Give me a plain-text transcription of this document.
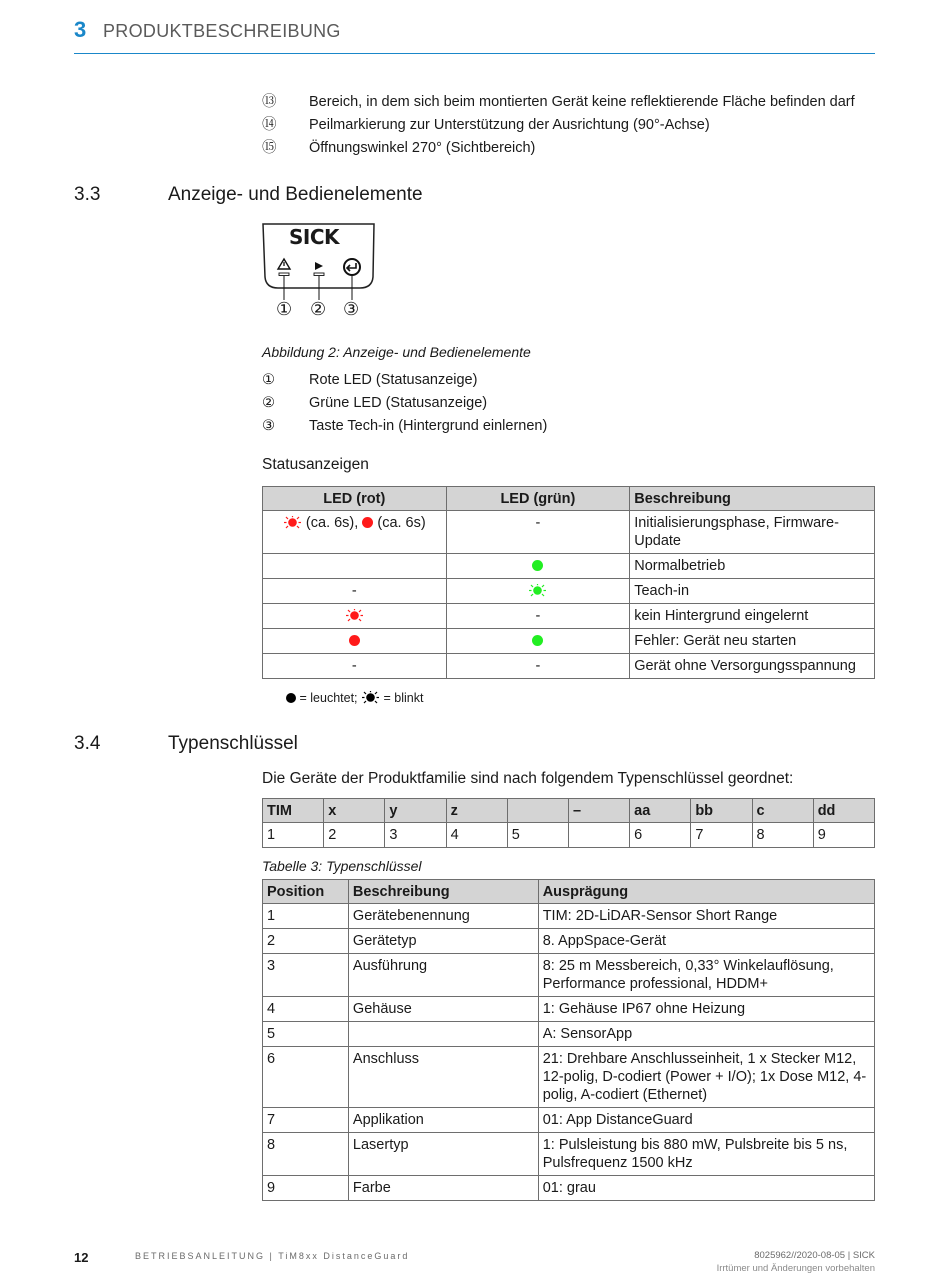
3 PRODUKTBESCHREIBUNG
⑬ Bereich, in dem sich beim montierten Gerät keine reflektierende Fläche befinden darf
⑭ Peilmarkierung zur Unterstützung der Ausrichtung (90°-Achse)
⑮ Öffnungswinkel 270° (Sichtbereich)
3.3	Anzeige- und Bedienelemente
SICK
① ② ③
Abbildung 2: Anzeige- und Bedienelemente
① Rote LED (Statusanzeige)
② Grüne LED (Statusanzeige)
③ Taste Tech-in (Hintergrund einlernen)
Statusanzeigen
LED (rot)	LED (grün)	Beschreibung

(ca. 6s), (ca. 6s)	-	Initialisierungsphase, Firmware-Update
		Normalbetrieb
-		Teach-in

	-	kein Hintergrund eingelernt
		Fehler: Gerät neu starten
-	-	Gerät ohne Versorgungsspannung
= leuchtet; = blinkt
3.4	Typenschlüssel
Die Geräte der Produktfamilie sind nach folgendem Typenschlüssel geordnet:
TIM	x	y	z		–	aa	bb	c	dd
1	2	3	4	5		6	7	8	9
Tabelle 3: Typenschlüssel
Position	Beschreibung	Ausprägung
1	Gerätebenennung	TIM: 2D-LiDAR-Sensor Short Range
2	Gerätetyp	8. AppSpace-Gerät
3	Ausführung	8: 25 m Messbereich, 0,33° Winkelauflösung, Performance professional, HDDM+
4	Gehäuse	1: Gehäuse IP67 ohne Heizung
5		A: SensorApp
6	Anschluss	21: Drehbare Anschlusseinheit, 1 x Stecker M12, 12-polig, D-codiert (Power + I/O); 1x Dose M12, 4-polig, A-codiert (Ethernet)
7	Applikation	01: App DistanceGuard
8	Lasertyp	1: Pulsleistung bis 880 mW, Pulsbreite bis 5 ns, Pulsfrequenz 1500 kHz
9	Farbe	01: grau
12	BETRIEBSANLEITUNG | TiM8xx DistanceGuard	8025962//2020-08-05 | SICK
Irrtümer und Änderungen vorbehalten
